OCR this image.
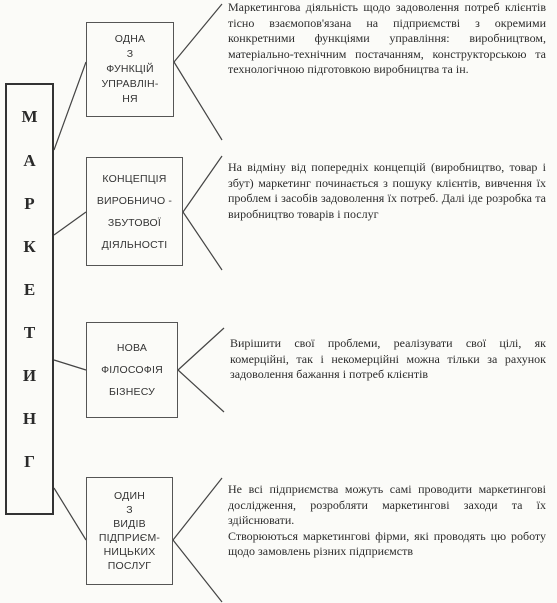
М
А
Р
К
Е
Т
И
Н
Г
ОДНА
З
ФУНКЦІЙ
УПРАВЛІН-
НЯ
КОНЦЕПЦІЯ
ВИРОБНИЧО -
ЗБУТОВОЇ
ДІЯЛЬНОСТІ
НОВА
ФІЛОСОФІЯ
БІЗНЕСУ
ОДИН
З
ВИДІВ
ПІДПРИЄМ-
НИЦЬКИХ
ПОСЛУГ

Маркетингова діяльність щодо задоволення потреб клієнтів тісно взаємопов'язана на підприємстві з окремими конкретними функціями управління: виробництвом, матеріально-технічним постачанням, конструкторською та технологічною підготовкою виробництва та ін.

На відміну від попередніх концепцій (виробництво, товар і збут) маркетинг починається з пошуку клієнтів, вивчення їх проблем і засобів задоволення їх потреб. Далі іде розробка та виробництво товарів і послуг

Вирішити свої проблеми, реалізувати свої цілі, як комерційні, так і некомерційні можна тільки за рахунок задоволення бажання і потреб клієнтів

Не всі підприємства можуть самі проводити маркетингові дослідження, розробляти маркетингові заходи та їх здійснювати.

Створюються маркетингові фірми, які проводять цю роботу щодо замовлень різних підприємств
